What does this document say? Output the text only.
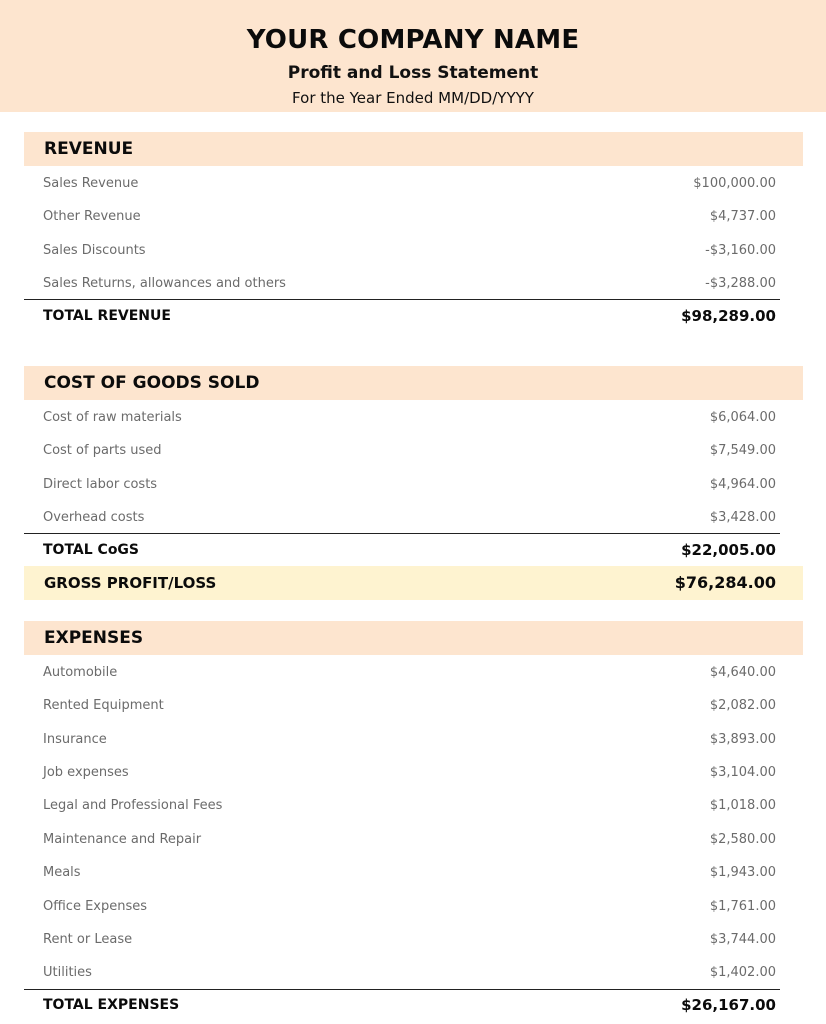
YOUR COMPANY NAME
Profit and Loss Statement
For the Year Ended MM/DD/YYYY
REVENUE
Sales Revenue	$100,000.00
Other Revenue	$4,737.00
Sales Discounts	-$3,160.00
Sales Returns, allowances and others	-$3,288.00
TOTAL REVENUE	$98,289.00
COST OF GOODS SOLD
Cost of raw materials	$6,064.00
Cost of parts used	$7,549.00
Direct labor costs	$4,964.00
Overhead costs	$3,428.00
TOTAL CoGS	$22,005.00
GROSS PROFIT/LOSS	$76,284.00
EXPENSES
Automobile	$4,640.00
Rented Equipment	$2,082.00
Insurance	$3,893.00
Job expenses	$3,104.00
Legal and Professional Fees	$1,018.00
Maintenance and Repair	$2,580.00
Meals	$1,943.00
Office Expenses	$1,761.00
Rent or Lease	$3,744.00
Utilities	$1,402.00
TOTAL EXPENSES	$26,167.00
